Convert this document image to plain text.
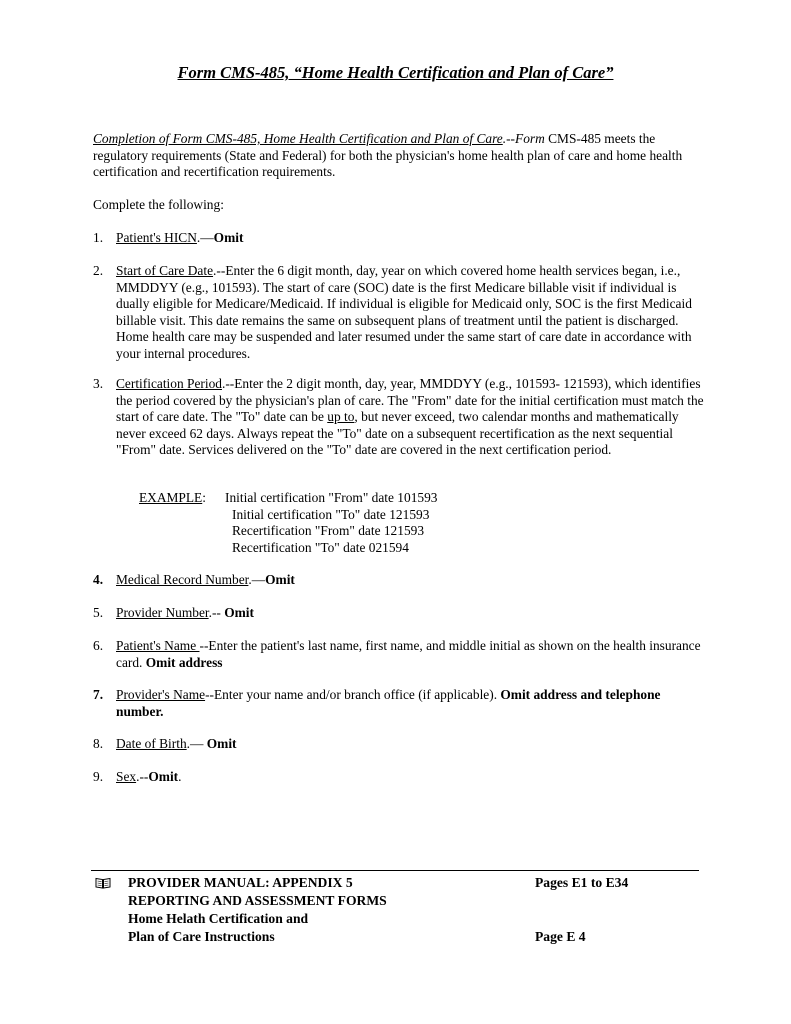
Form CMS-485, “Home Health Certification and Plan of Care”
Completion of Form CMS-485, Home Health Certification and Plan of Care.--Form CMS-485 meets the regulatory requirements (State and Federal) for both the physician's home health plan of care and home health certification and recertification requirements.
Complete the following:
1. Patient's HICN.—Omit
2. Start of Care Date.--Enter the 6 digit month, day, year on which covered home health services began, i.e., MMDDYY (e.g., 101593). The start of care (SOC) date is the first Medicare billable visit if individual is dually eligible for Medicare/Medicaid. If individual is eligible for Medicaid only, SOC is the first Medicaid billable visit. This date remains the same on subsequent plans of treatment until the patient is discharged. Home health care may be suspended and later resumed under the same start of care date in accordance with your internal procedures.
3. Certification Period.--Enter the 2 digit month, day, year, MMDDYY (e.g., 101593- 121593), which identifies the period covered by the physician's plan of care. The "From" date for the initial certification must match the start of care date. The "To" date can be up to, but never exceed, two calendar months and mathematically never exceed 62 days. Always repeat the "To" date on a subsequent recertification as the next sequential "From" date. Services delivered on the "To" date are covered in the next certification period.
EXAMPLE: Initial certification "From" date 101593
Initial certification "To" date 121593
Recertification "From" date 121593
Recertification "To" date 021594
4. Medical Record Number.—Omit
5. Provider Number.-- Omit
6. Patient's Name --Enter the patient's last name, first name, and middle initial as shown on the health insurance card. Omit address
7. Provider's Name--Enter your name and/or branch office (if applicable). Omit address and telephone number.
8. Date of Birth.— Omit
9. Sex.--Omit.
PROVIDER MANUAL: APPENDIX 5
REPORTING AND ASSESSMENT FORMS
Home Helath Certification and
Plan of Care Instructions
Pages E1 to E34
Page E 4
